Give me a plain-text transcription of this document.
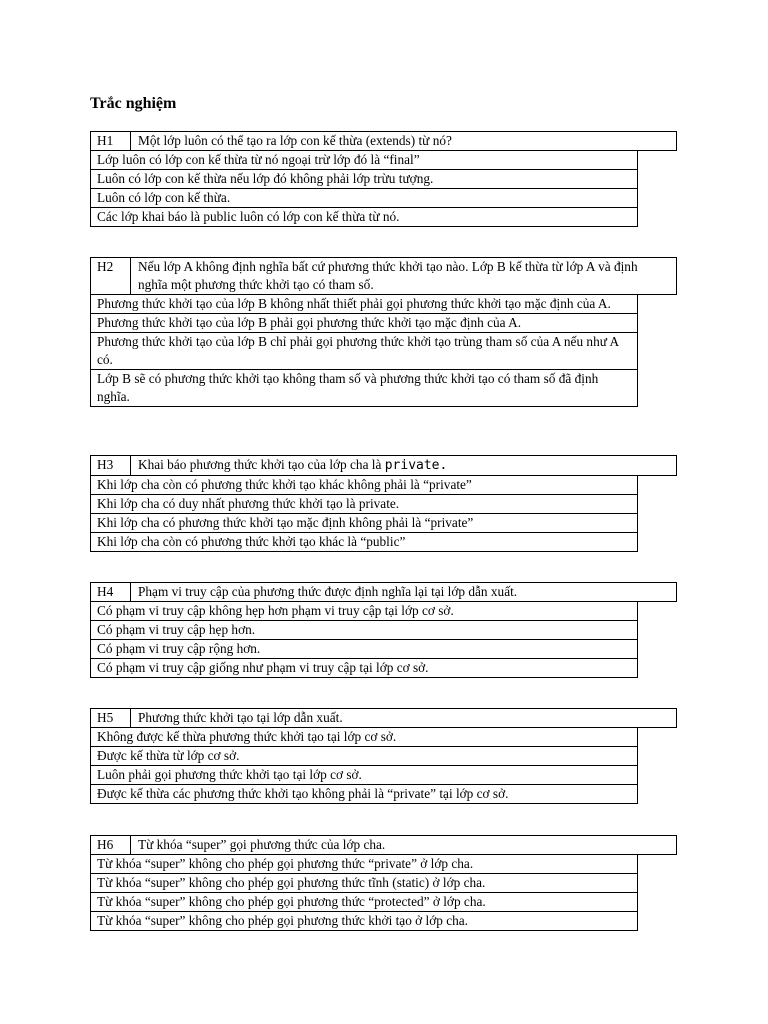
Trắc nghiệm
H1	Một lớp luôn có thể tạo ra lớp con kế thừa (extends) từ nó?
Lớp luôn có lớp con kế thừa từ nó ngoại trừ lớp đó là “final”
Luôn có lớp con kế thừa nếu lớp đó không phải lớp trừu tượng.
Luôn có lớp con kế thừa.
Các lớp khai báo là public luôn có lớp con kế thừa từ nó.
H2	Nếu lớp A không định nghĩa bất cứ phương thức khởi tạo nào. Lớp B kế thừa từ lớp A và định nghĩa một phương thức khởi tạo có tham số.
Phương thức khởi tạo của lớp B không nhất thiết phải gọi phương thức khởi tạo mặc định của A.
Phương thức khởi tạo của lớp B phải gọi phương thức khởi tạo mặc định của A.
Phương thức khởi tạo của lớp B chỉ phải gọi phương thức khởi tạo trùng tham số của A nếu như A có.
Lớp B sẽ có phương thức khởi tạo không tham số và phương thức khởi tạo có tham số đã định nghĩa.
H3	Khai báo phương thức khởi tạo của lớp cha là private.
Khi lớp cha còn có phương thức khởi tạo khác không phải là “private”
Khi lớp cha có duy nhất phương thức khởi tạo là private.
Khi lớp cha có phương thức khởi tạo mặc định không phải là “private”
Khi lớp cha còn có phương thức khởi tạo khác là “public”
H4	Phạm vi truy cập của phương thức được định nghĩa lại tại lớp dẫn xuất.
Có phạm vi truy cập không hẹp hơn phạm vi truy cập tại lớp cơ sở.
Có phạm vi truy cập hẹp hơn.
Có phạm vi truy cập rộng hơn.
Có phạm vi truy cập giống như phạm vi truy cập tại lớp cơ sở.
H5	Phương thức khởi tạo tại lớp dẫn xuất.
Không được kế thừa phương thức khởi tạo tại lớp cơ sở.
Được kế thừa từ lớp cơ sở.
Luôn phải gọi phương thức khởi tạo tại lớp cơ sở.
Được kế thừa các phương thức khởi tạo không phải là “private” tại lớp cơ sở.
H6	Từ khóa “super” gọi phương thức của lớp cha.
Từ khóa “super” không cho phép gọi phương thức “private” ở lớp cha.
Từ khóa “super” không cho phép gọi phương thức tĩnh (static) ở lớp cha.
Từ khóa “super” không cho phép gọi phương thức “protected” ở lớp cha.
Từ khóa “super” không cho phép gọi phương thức khởi tạo ở lớp cha.
